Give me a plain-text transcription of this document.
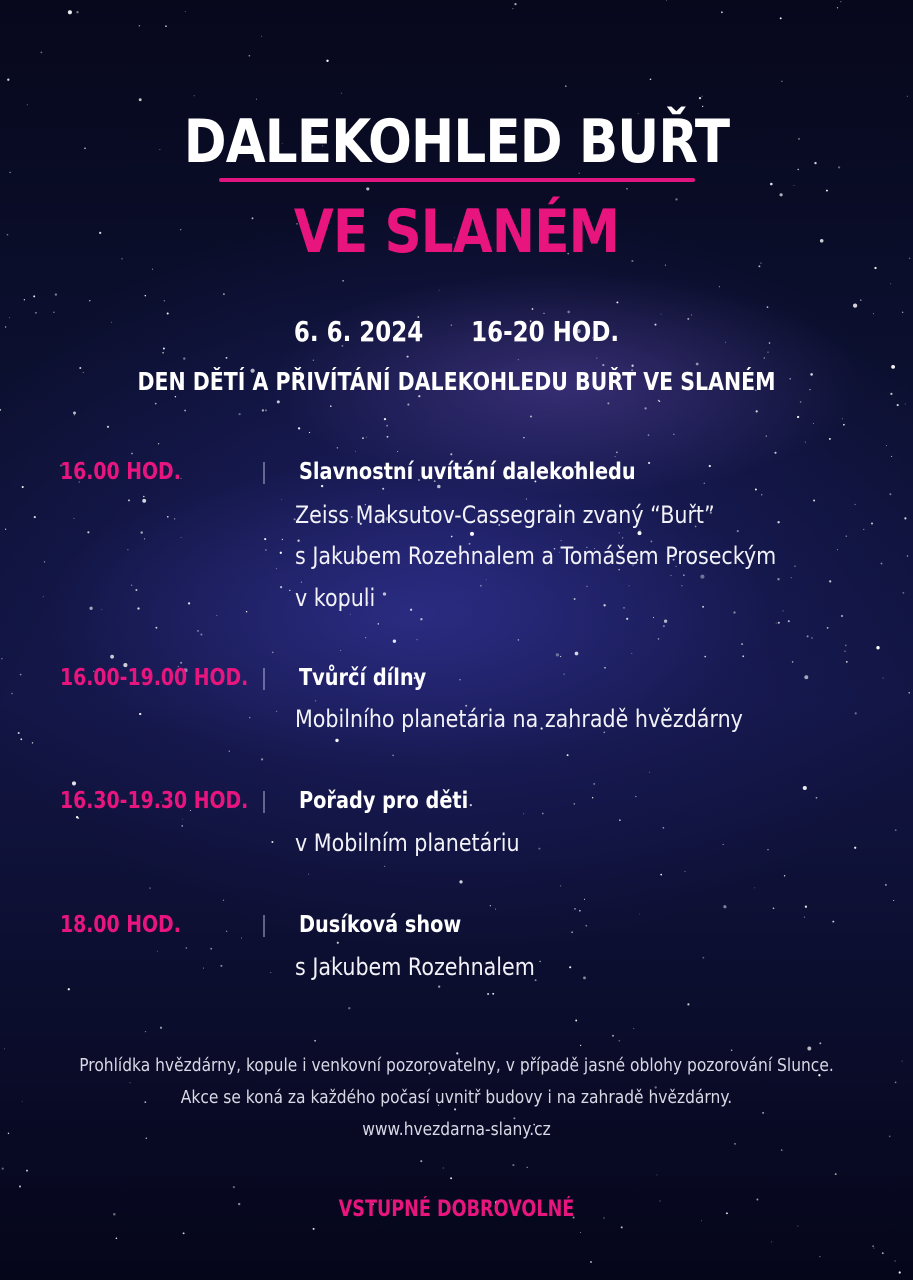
DALEKOHLED BUŘT
VE SLANÉM
6. 6. 2024 16-20 HOD.
DEN DĚTÍ A PŘIVÍTÁNÍ DALEKOHLEDU BUŘT VE SLANÉM
16.00 HOD.	Slavnostní uvítání dalekohledu
Zeiss Maksutov-Cassegrain zvaný “Buřt”
s Jakubem Rozehnalem a Tomášem Proseckým
v kopuli
16.00-19.00 HOD. Tvůrčí dílny
Mobilního planetária na zahradě hvězdárny
16.30-19.30 HOD. Pořady pro děti
v Mobilním planetáriu
18.00 HOD.	Dusíková show
s Jakubem Rozehnalem
Prohlídka hvězdárny, kopule i venkovní pozorovatelny, v případě jasné oblohy pozorování Slunce.
Akce se koná za každého počasí uvnitř budovy i na zahradě hvězdárny.
www.hvezdarna-slany.cz
VSTUPNÉ DOBROVOLNÉ
